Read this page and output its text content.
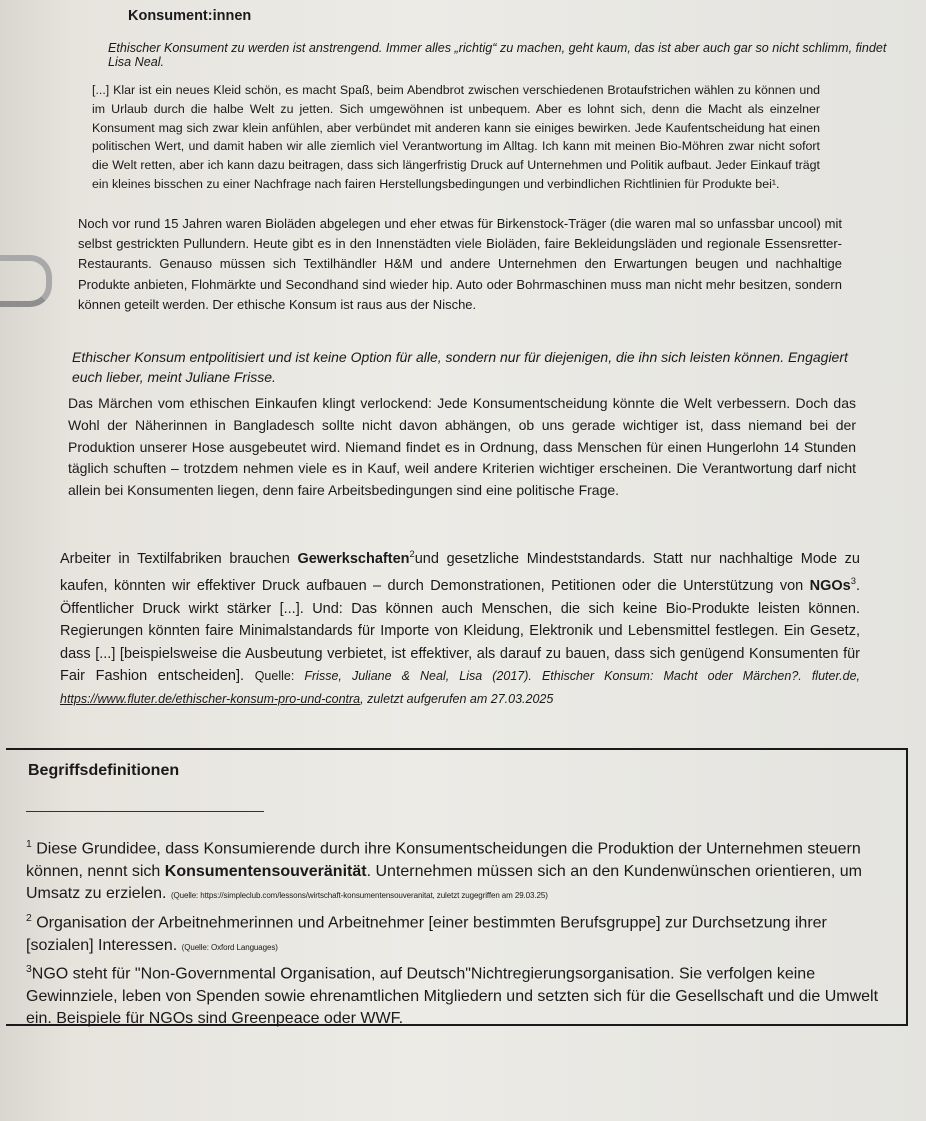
Konsument:innen
Ethischer Konsument zu werden ist anstrengend. Immer alles „richtig“ zu machen, geht kaum, das ist aber auch gar so nicht schlimm, findet Lisa Neal.
[...] Klar ist ein neues Kleid schön, es macht Spaß, beim Abendbrot zwischen verschiedenen Brotaufstrichen wählen zu können und im Urlaub durch die halbe Welt zu jetten. Sich umgewöhnen ist unbequem. Aber es lohnt sich, denn die Macht als einzelner Konsument mag sich zwar klein anfühlen, aber verbündet mit anderen kann sie einiges bewirken. Jede Kaufentscheidung hat einen politischen Wert, und damit haben wir alle ziemlich viel Verantwortung im Alltag. Ich kann mit meinen Bio-Möhren zwar nicht sofort die Welt retten, aber ich kann dazu beitragen, dass sich längerfristig Druck auf Unternehmen und Politik aufbaut. Jeder Einkauf trägt ein kleines bisschen zu einer Nachfrage nach fairen Herstellungsbedingungen und verbindlichen Richtlinien für Produkte bei¹.
Noch vor rund 15 Jahren waren Bioläden abgelegen und eher etwas für Birkenstock-Träger (die waren mal so unfassbar uncool) mit selbst gestrickten Pullundern. Heute gibt es in den Innenstädten viele Bioläden, faire Bekleidungsläden und regionale Essensretter-Restaurants. Genauso müssen sich Textilhändler H&M und andere Unternehmen den Erwartungen beugen und nachhaltige Produkte anbieten, Flohmärkte und Secondhand sind wieder hip. Auto oder Bohrmaschinen muss man nicht mehr besitzen, sondern können geteilt werden. Der ethische Konsum ist raus aus der Nische.
Ethischer Konsum entpolitisiert und ist keine Option für alle, sondern nur für diejenigen, die ihn sich leisten können. Engagiert euch lieber, meint Juliane Frisse.
Das Märchen vom ethischen Einkaufen klingt verlockend: Jede Konsumentscheidung könnte die Welt verbessern. Doch das Wohl der Näherinnen in Bangladesch sollte nicht davon abhängen, ob uns gerade wichtiger ist, dass niemand bei der Produktion unserer Hose ausgebeutet wird. Niemand findet es in Ordnung, dass Menschen für einen Hungerlohn 14 Stunden täglich schuften – trotzdem nehmen viele es in Kauf, weil andere Kriterien wichtiger erscheinen. Die Verantwortung darf nicht allein bei Konsumenten liegen, denn faire Arbeitsbedingungen sind eine politische Frage.
Arbeiter in Textilfabriken brauchen Gewerkschaften$^2$und gesetzliche Mindeststandards. Statt nur nachhaltige Mode zu kaufen, könnten wir effektiver Druck aufbauen – durch Demonstrationen, Petitionen oder die Unterstützung von NGOs$^3$. Öffentlicher Druck wirkt stärker [...]. Und: Das können auch Menschen, die sich keine Bio-Produkte leisten können. Regierungen könnten faire Minimalstandards für Importe von Kleidung, Elektronik und Lebensmittel festlegen. Ein Gesetz, dass [...] [beispielsweise die Ausbeutung verbietet, ist effektiver, als darauf zu bauen, dass sich genügend Konsumenten für Fair Fashion entscheiden]. Quelle: Frisse, Juliane & Neal, Lisa (2017). Ethischer Konsum: Macht oder Märchen?. fluter.de, https://www.fluter.de/ethischer-konsum-pro-und-contra, zuletzt aufgerufen am 27.03.2025
Begriffsdefinitionen

$^1$ Diese Grundidee, dass Konsumierende durch ihre Konsumentscheidungen die Produktion der Unternehmen steuern können, nennt sich Konsumentensouveränität. Unternehmen müssen sich an den Kundenwünschen orientieren, um Umsatz zu erzielen. (Quelle: https://simpleclub.com/lessons/wirtschaft-konsumentensouveranitat, zuletzt zugegriffen am 29.03.25)

$^2$ Organisation der Arbeitnehmerinnen und Arbeitnehmer [einer bestimmten Berufsgruppe] zur Durchsetzung ihrer [sozialen] Interessen. (Quelle: Oxford Languages)

$^3$NGO steht für "Non-Governmental Organisation, auf Deutsch"Nichtregierungsorganisation. Sie verfolgen keine Gewinnziele, leben von Spenden sowie ehrenamtlichen Mitgliedern und setzten sich für die Gesellschaft und die Umwelt ein. Beispiele für NGOs sind Greenpeace oder WWF.
